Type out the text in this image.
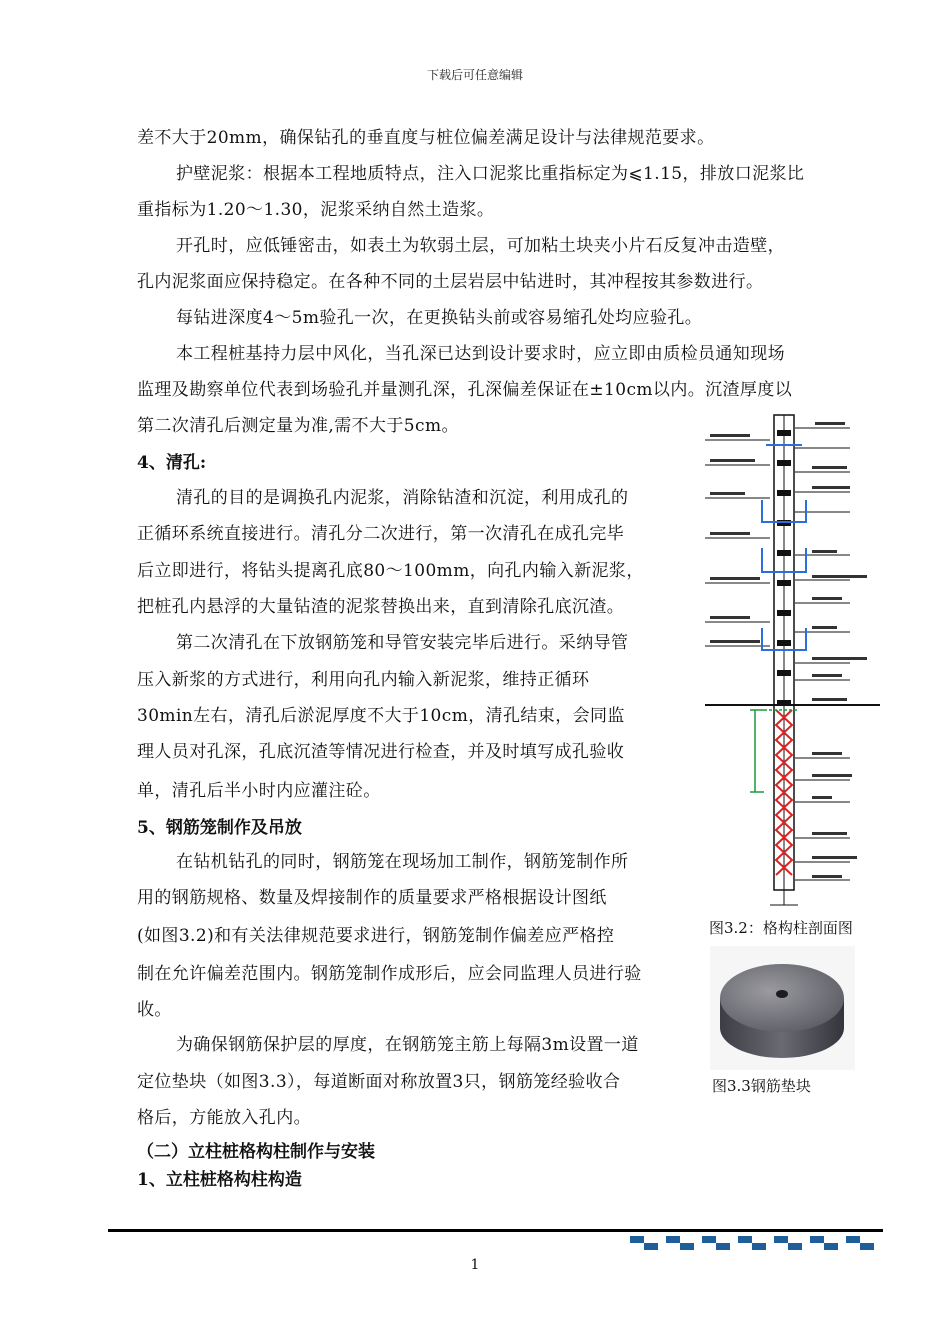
下载后可任意编辑
差不大于20mm，确保钻孔的垂直度与桩位偏差满足设计与法律规范要求。
护壁泥浆：根据本工程地质特点，注入口泥浆比重指标定为⩽1.15，排放口泥浆比
重指标为1.20～1.30，泥浆采纳自然土造浆。
开孔时，应低锤密击，如表土为软弱土层，可加粘土块夹小片石反复冲击造壁，
孔内泥浆面应保持稳定。在各种不同的土层岩层中钻进时，其冲程按其参数进行。
每钻进深度4～5m验孔一次，在更换钻头前或容易缩孔处均应验孔。
本工程桩基持力层中风化，当孔深已达到设计要求时，应立即由质检员通知现场
监理及勘察单位代表到场验孔并量测孔深，孔深偏差保证在±10cm以内。沉渣厚度以
第二次清孔后测定量为准,需不大于5cm。
4、清孔:
清孔的目的是调换孔内泥浆，消除钻渣和沉淀，利用成孔的
正循环系统直接进行。清孔分二次进行，第一次清孔在成孔完毕
后立即进行，将钻头提离孔底80～100mm，向孔内输入新泥浆，
把桩孔内悬浮的大量钻渣的泥浆替换出来，直到清除孔底沉渣。
第二次清孔在下放钢筋笼和导管安装完毕后进行。采纳导管
压入新浆的方式进行，利用向孔内输入新泥浆，维持正循环
30min左右，清孔后淤泥厚度不大于10cm，清孔结束，会同监
理人员对孔深，孔底沉渣等情况进行检查，并及时填写成孔验收
单，清孔后半小时内应灌注砼。
5、钢筋笼制作及吊放
在钻机钻孔的同时，钢筋笼在现场加工制作，钢筋笼制作所
用的钢筋规格、数量及焊接制作的质量要求严格根据设计图纸
(如图3.2)和有关法律规范要求进行，钢筋笼制作偏差应严格控
制在允许偏差范围内。钢筋笼制作成形后，应会同监理人员进行验
收。
为确保钢筋保护层的厚度，在钢筋笼主筋上每隔3m设置一道
定位垫块（如图3.3），每道断面对称放置3只，钢筋笼经验收合
格后，方能放入孔内。
（二）立柱桩格构柱制作与安装
1、立柱桩格构柱构造
图3.2：格构柱剖面图
图3.3钢筋垫块
1
